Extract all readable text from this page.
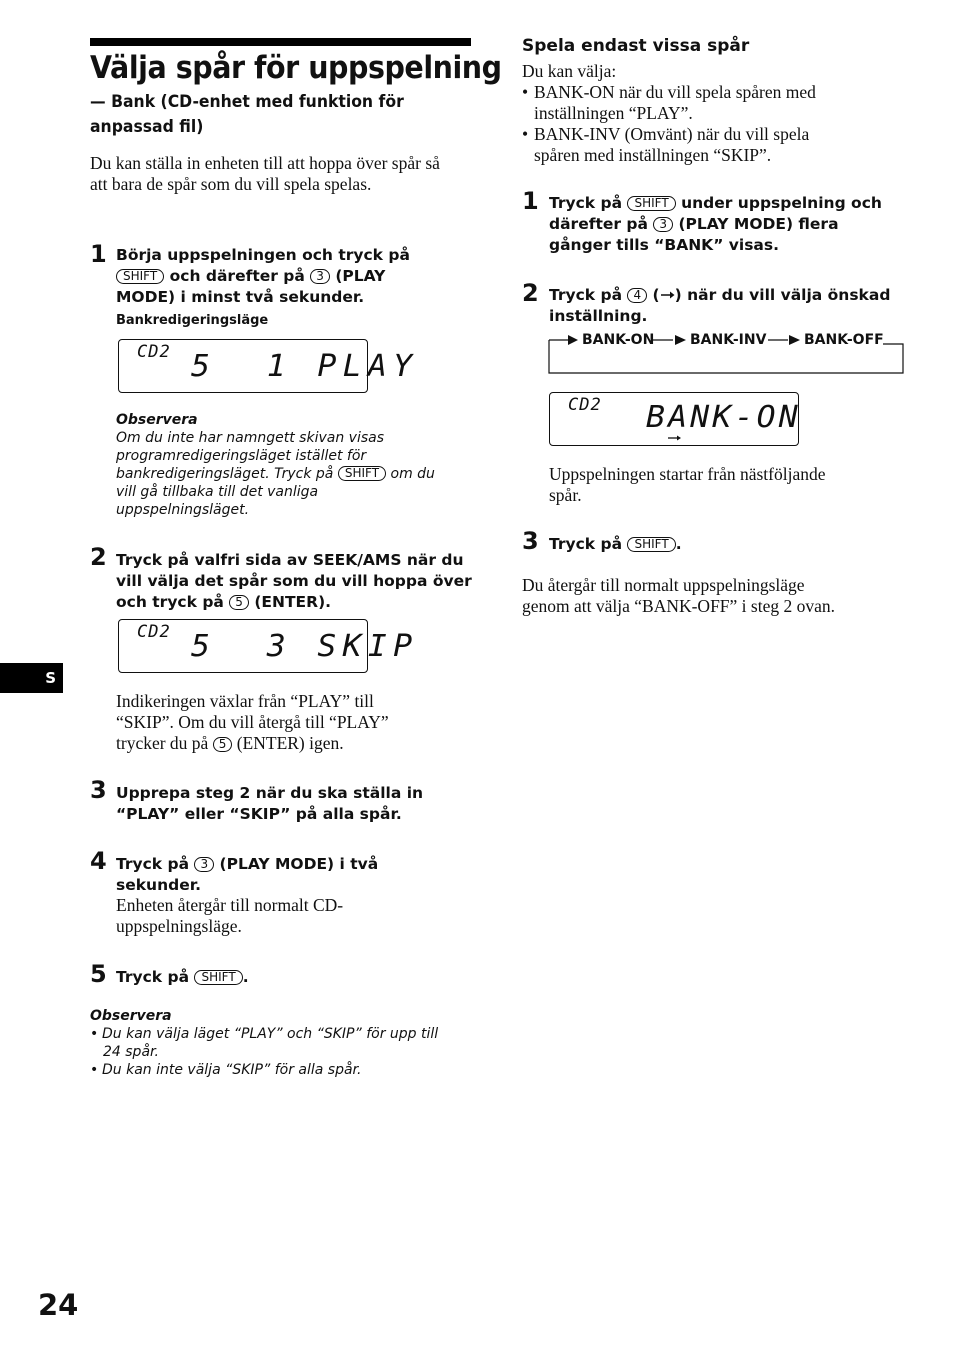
Välja spår för uppspelning
— Bank (CD-enhet med funktion för anpassad fil)
Du kan ställa in enheten till att hoppa över spår så att bara de spår som du vill spela spelas.
1 Börja uppspelningen och tryck på
SHIFT och därefter på 3 (PLAY
MODE) i minst två sekunder.
Bankredigeringsläge
CD2 5  1 PLAY
Observera
Om du inte har namngett skivan visas
programredigeringsläget istället för
bankredigeringsläget. Tryck på SHIFT om du
vill gå tillbaka till det vanliga
uppspelningsläget.
2 Tryck på valfri sida av SEEK/AMS när du
vill välja det spår som du vill hoppa över
och tryck på 5 (ENTER).
CD2 5  3 SKIP
Indikeringen växlar från “PLAY” till
“SKIP”. Om du vill återgå till “PLAY”
trycker du på 5 (ENTER) igen.
3 Upprepa steg 2 när du ska ställa in
“PLAY” eller “SKIP” på alla spår.
4 Tryck på 3 (PLAY MODE) i två
sekunder.
Enheten återgår till normalt CD-
uppspelningsläge.
5 Tryck på SHIFT .
Observera
• Du kan välja läget “PLAY” och “SKIP” för upp till
24 spår.
• Du kan inte välja “SKIP” för alla spår.
S
24
Spela endast vissa spår
Du kan välja:
• BANK-ON när du vill spela spåren med
inställningen “PLAY”.
• BANK-INV (Omvänt) när du vill spela
spåren med inställningen “SKIP”.
1 Tryck på SHIFT under uppspelning och
därefter på 3 (PLAY MODE) flera
gånger tills “BANK” visas.
2 Tryck på 4 ( ) när du vill välja önskad
inställning.
BANK-ON	BANK-INV	BANK-OFF
CD2 BANK-ON
Uppspelningen startar från nästföljande
spår.
3 Tryck på SHIFT .
Du återgår till normalt uppspelningsläge
genom att välja “BANK-OFF” i steg 2 ovan.
